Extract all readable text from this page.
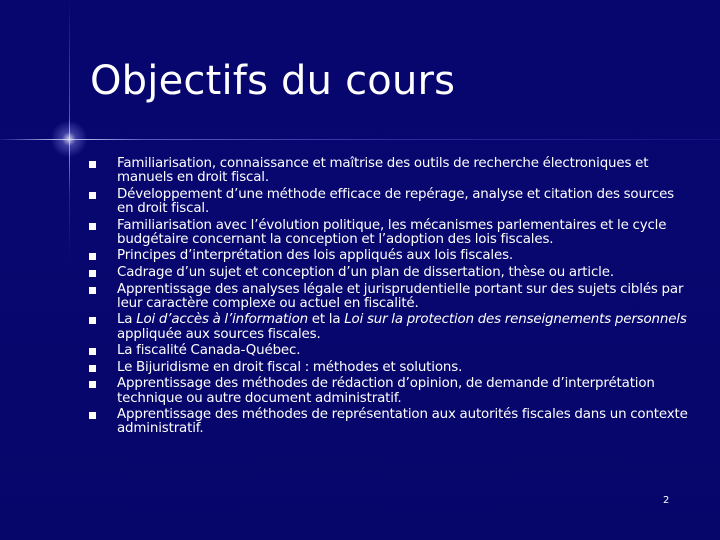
Objectifs du cours
Familiarisation, connaissance et maîtrise des outils de recherche électroniques et manuels en droit fiscal.
Développement d’une méthode efficace de repérage, analyse et citation des sources en droit fiscal.
Familiarisation avec l’évolution politique, les mécanismes parlementaires et le cycle budgétaire concernant la conception et l’adoption des lois fiscales.
Principes d’interprétation des lois appliqués aux lois fiscales.
Cadrage d’un sujet et conception d’un plan de dissertation, thèse ou article.
Apprentissage des analyses légale et jurisprudentielle portant sur des sujets ciblés par leur caractère complexe ou actuel en fiscalité.
La Loi d’accès à l’information et la Loi sur la protection des renseignements personnels appliquée aux sources fiscales.
La fiscalité Canada-Québec.
Le Bijuridisme en droit fiscal : méthodes et solutions.
Apprentissage des méthodes de rédaction d’opinion, de demande d’interprétation technique ou autre document administratif.
Apprentissage des méthodes de représentation aux autorités fiscales dans un contexte administratif.
2
